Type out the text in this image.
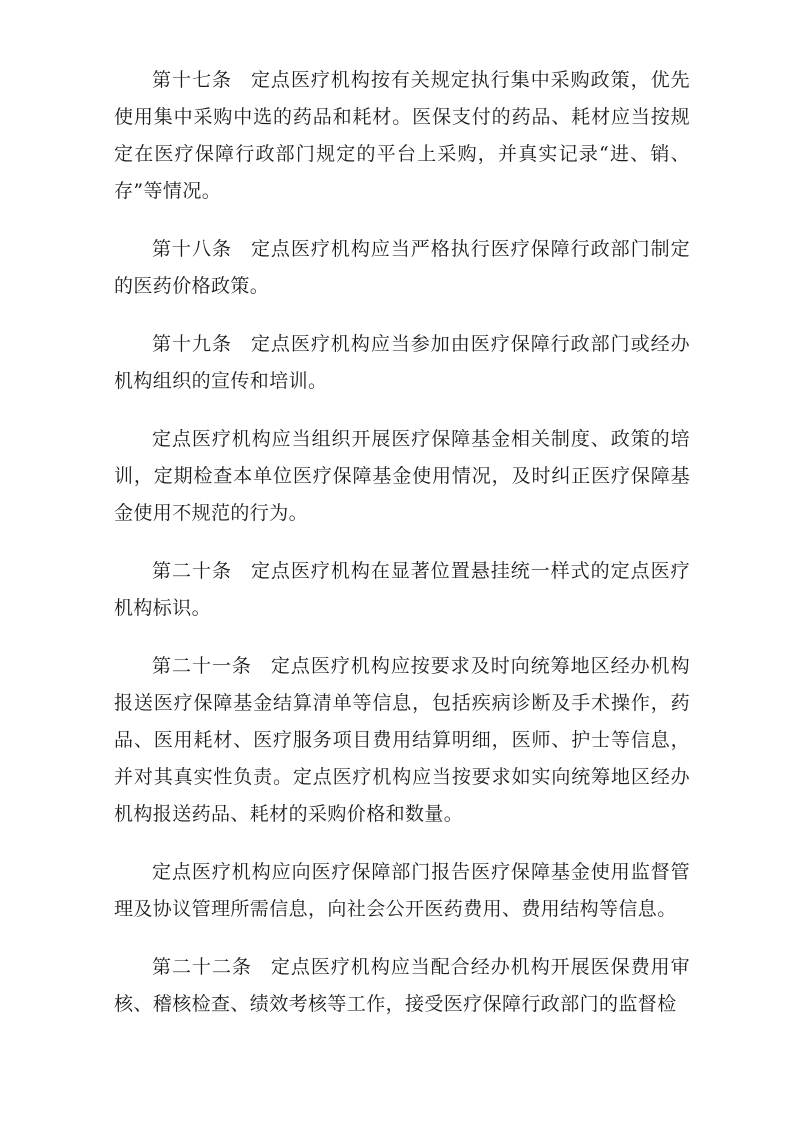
第十七条 定点医疗机构按有关规定执行集中采购政策，优先使用集中采购中选的药品和耗材。医保支付的药品、耗材应当按规定在医疗保障行政部门规定的平台上采购，并真实记录“进、销、存”等情况。

第十八条 定点医疗机构应当严格执行医疗保障行政部门制定的医药价格政策。

第十九条 定点医疗机构应当参加由医疗保障行政部门或经办机构组织的宣传和培训。

定点医疗机构应当组织开展医疗保障基金相关制度、政策的培训，定期检查本单位医疗保障基金使用情况，及时纠正医疗保障基金使用不规范的行为。

第二十条 定点医疗机构在显著位置悬挂统一样式的定点医疗机构标识。

第二十一条 定点医疗机构应按要求及时向统筹地区经办机构报送医疗保障基金结算清单等信息，包括疾病诊断及手术操作，药品、医用耗材、医疗服务项目费用结算明细，医师、护士等信息，并对其真实性负责。定点医疗机构应当按要求如实向统筹地区经办机构报送药品、耗材的采购价格和数量。

定点医疗机构应向医疗保障部门报告医疗保障基金使用监督管理及协议管理所需信息，向社会公开医药费用、费用结构等信息。

第二十二条 定点医疗机构应当配合经办机构开展医保费用审核、稽核检查、绩效考核等工作，接受医疗保障行政部门的监督检
